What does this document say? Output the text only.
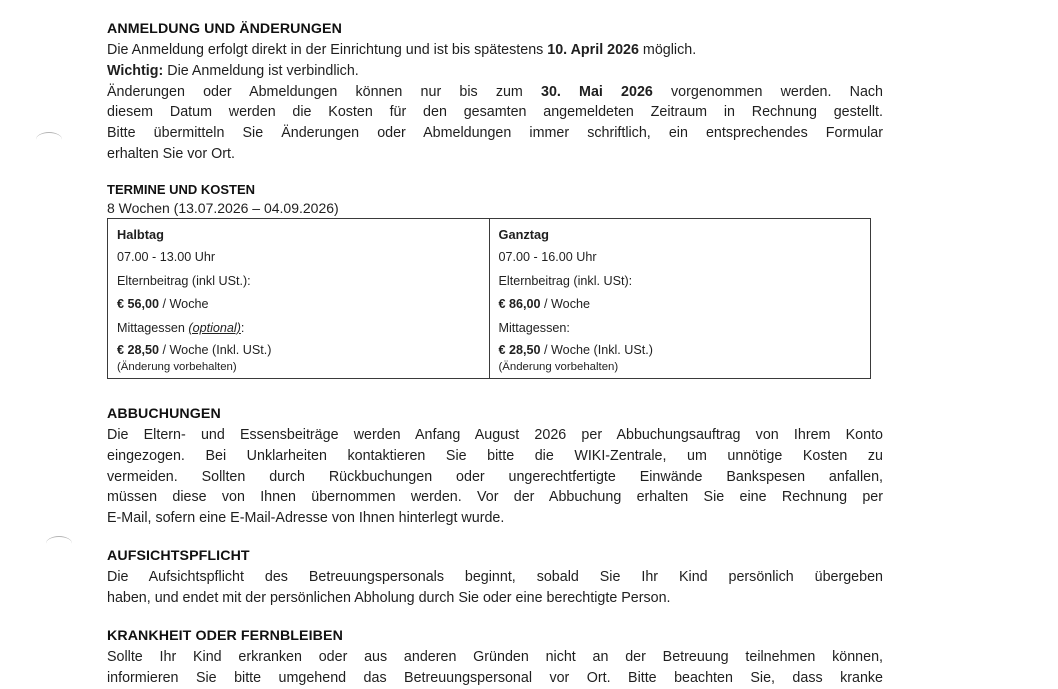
ANMELDUNG UND ÄNDERUNGEN
Die Anmeldung erfolgt direkt in der Einrichtung und ist bis spätestens 10. April 2026 möglich.
Wichtig: Die Anmeldung ist verbindlich.
Änderungen oder Abmeldungen können nur bis zum 30. Mai 2026 vorgenommen werden. Nach
diesem Datum werden die Kosten für den gesamten angemeldeten Zeitraum in Rechnung gestellt.
Bitte übermitteln Sie Änderungen oder Abmeldungen immer schriftlich, ein entsprechendes Formular
erhalten Sie vor Ort.
TERMINE UND KOSTEN
8 Wochen (13.07.2026 – 04.09.2026)
Halbtag
07.00 - 13.00 Uhr
Elternbeitrag (inkl USt.):
€ 56,00 / Woche
Mittagessen (optional):
€ 28,50 / Woche (Inkl. USt.)
(Änderung vorbehalten)

Ganztag
07.00 - 16.00 Uhr
Elternbeitrag (inkl. USt):
€ 86,00 / Woche
Mittagessen:
€ 28,50 / Woche (Inkl. USt.)
(Änderung vorbehalten)
ABBUCHUNGEN
Die Eltern- und Essensbeiträge werden Anfang August 2026 per Abbuchungsauftrag von Ihrem Konto
eingezogen. Bei Unklarheiten kontaktieren Sie bitte die WIKI-Zentrale, um unnötige Kosten zu
vermeiden. Sollten durch Rückbuchungen oder ungerechtfertigte Einwände Bankspesen anfallen,
müssen diese von Ihnen übernommen werden. Vor der Abbuchung erhalten Sie eine Rechnung per
E-Mail, sofern eine E-Mail-Adresse von Ihnen hinterlegt wurde.
AUFSICHTSPFLICHT
Die Aufsichtspflicht des Betreuungspersonals beginnt, sobald Sie Ihr Kind persönlich übergeben
haben, und endet mit der persönlichen Abholung durch Sie oder eine berechtigte Person.
KRANKHEIT ODER FERNBLEIBEN
Sollte Ihr Kind erkranken oder aus anderen Gründen nicht an der Betreuung teilnehmen können,
informieren Sie bitte umgehend das Betreuungspersonal vor Ort. Bitte beachten Sie, dass kranke
